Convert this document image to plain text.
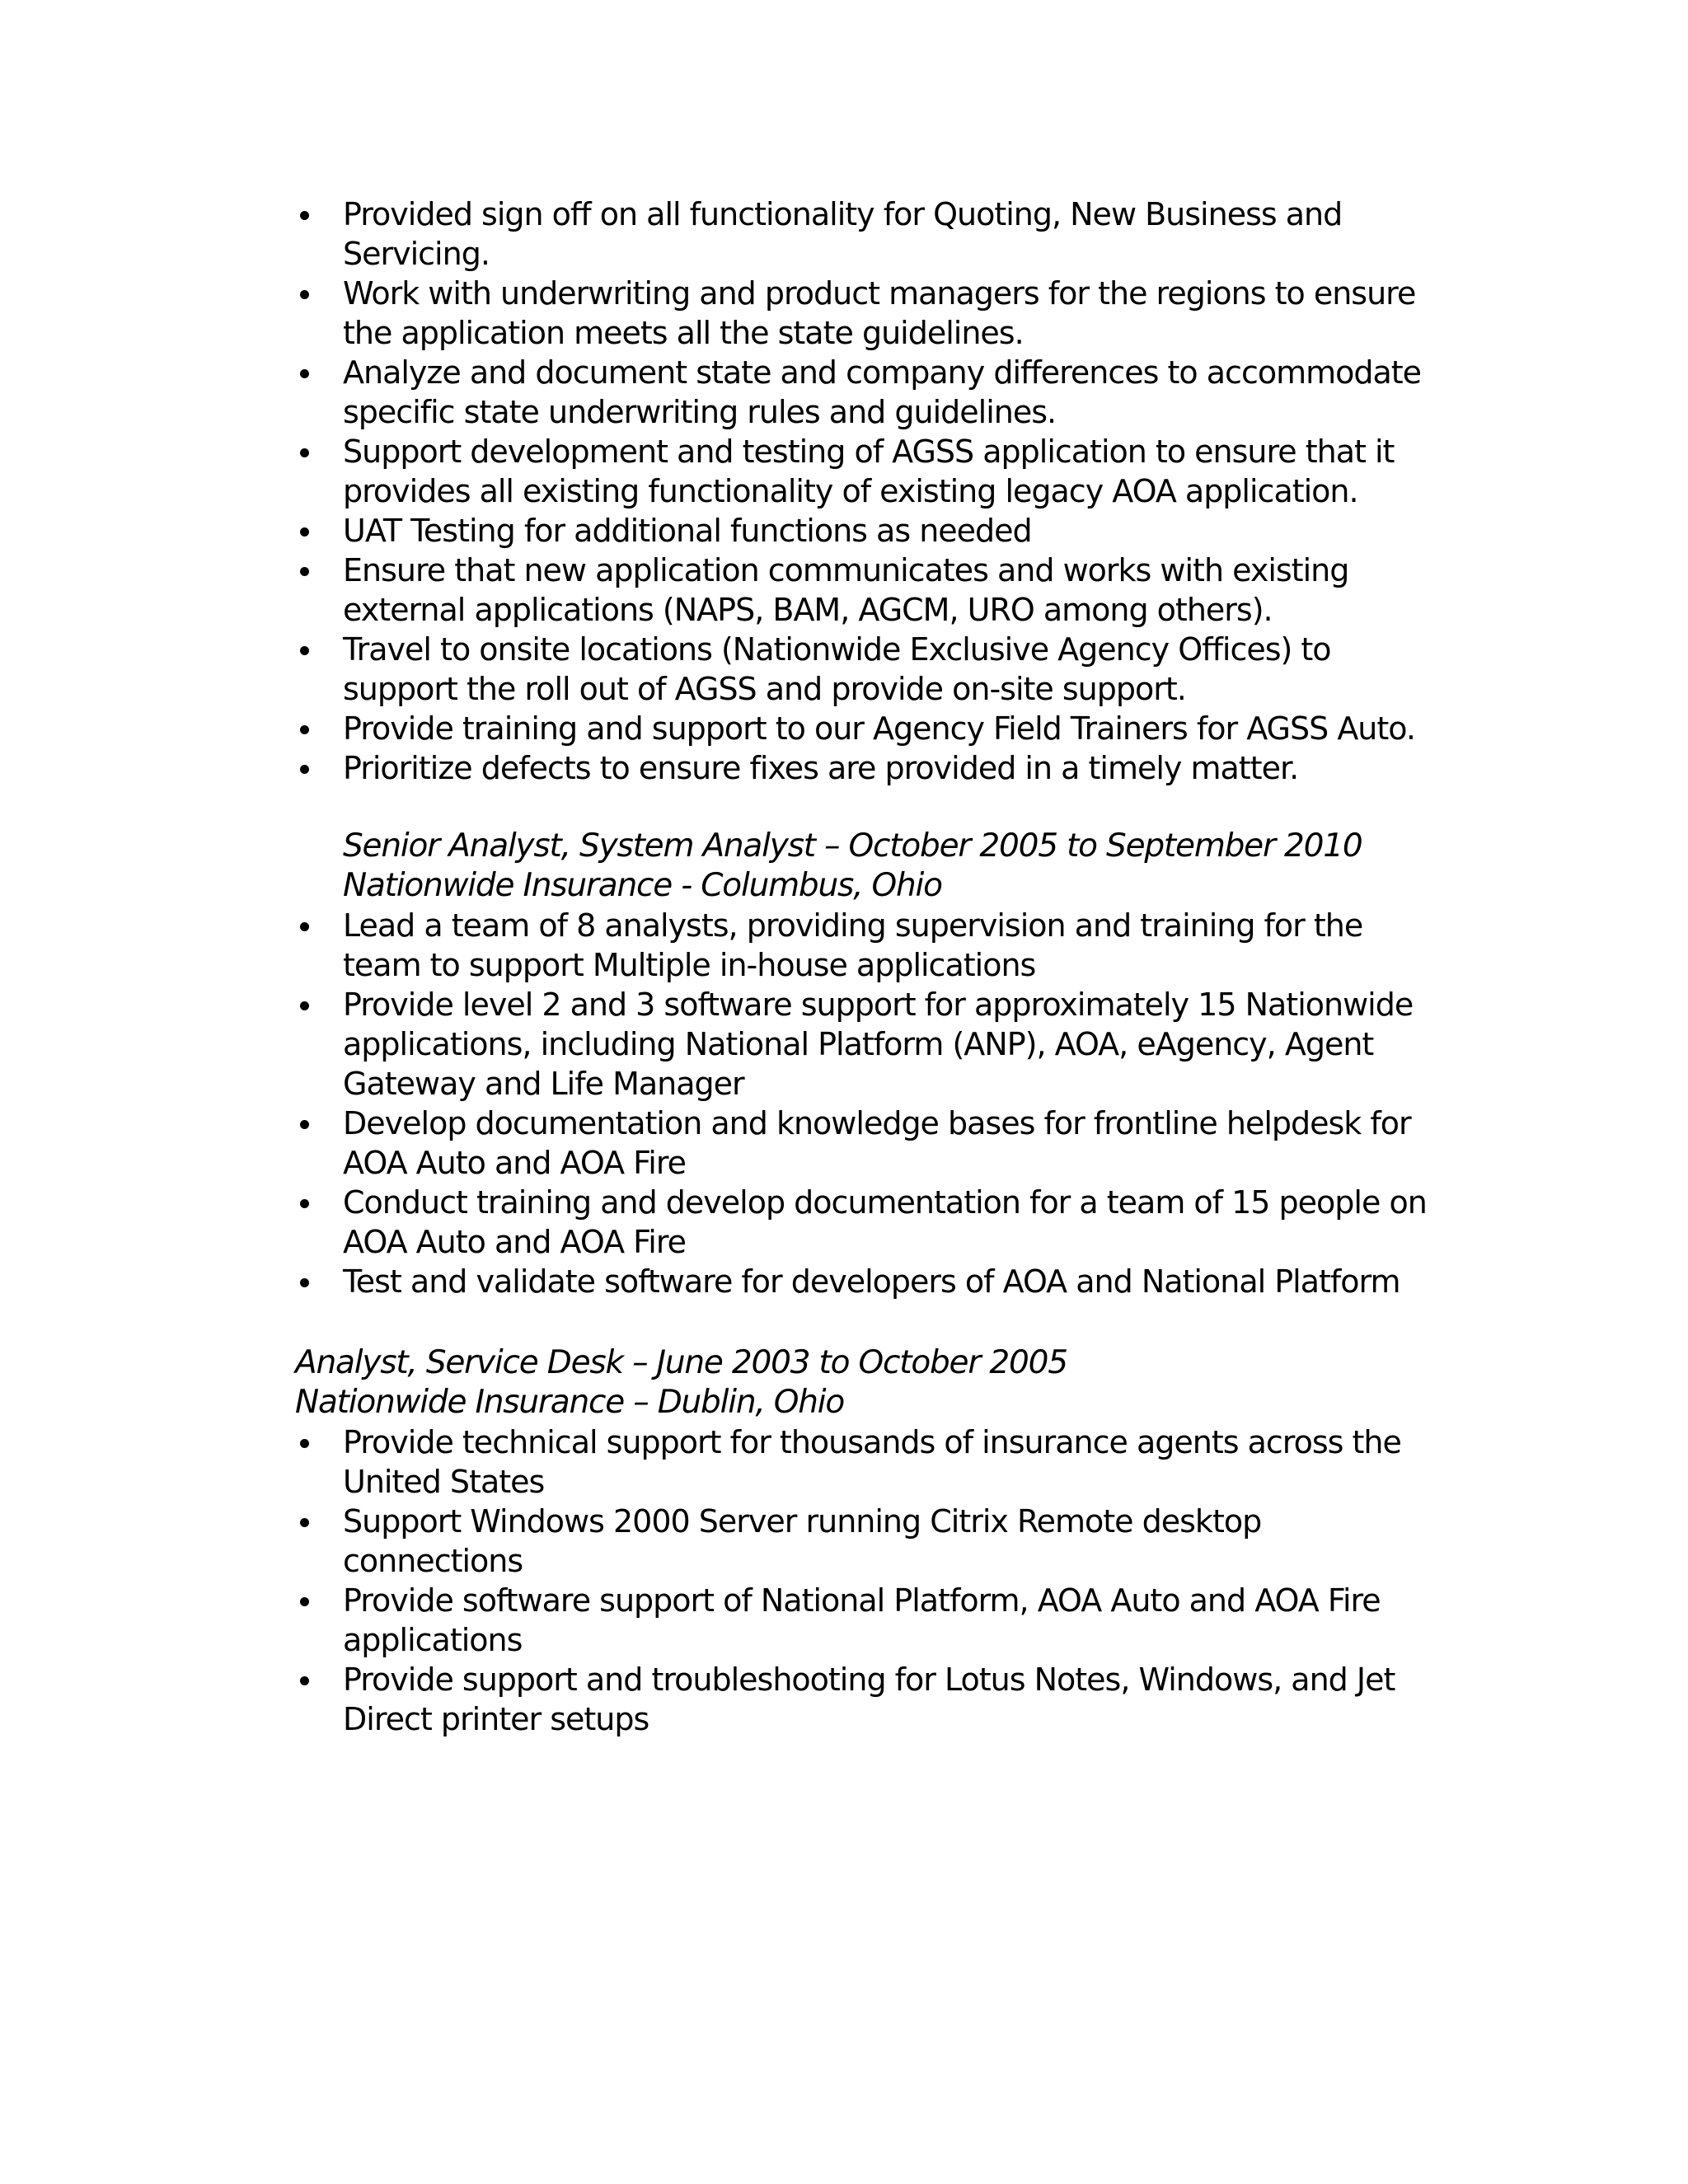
Provided sign off on all functionality for Quoting, New Business and Servicing.
Work with underwriting and product managers for the regions to ensure the application meets all the state guidelines.
Analyze and document state and company differences to accommodate specific state underwriting rules and guidelines.
Support development and testing of AGSS application to ensure that it provides all existing functionality of existing legacy AOA application.
UAT Testing for additional functions as needed
Ensure that new application communicates and works with existing external applications (NAPS, BAM, AGCM, URO among others).
Travel to onsite locations (Nationwide Exclusive Agency Offices) to support the roll out of AGSS and provide on-site support.
Provide training and support to our Agency Field Trainers for AGSS Auto.
Prioritize defects to ensure fixes are provided in a timely matter.
Senior Analyst, System Analyst – October 2005 to September 2010
Nationwide Insurance - Columbus, Ohio
Lead a team of 8 analysts, providing supervision and training for the team to support Multiple in-house applications
Provide level 2 and 3 software support for approximately 15 Nationwide applications, including National Platform (ANP), AOA, eAgency, Agent Gateway and Life Manager
Develop documentation and knowledge bases for frontline helpdesk for AOA Auto and AOA Fire
Conduct training and develop documentation for a team of 15 people on AOA Auto and AOA Fire
Test and validate software for developers of AOA and National Platform
Analyst, Service Desk – June 2003 to October 2005
Nationwide Insurance – Dublin, Ohio
Provide technical support for thousands of insurance agents across the United States
Support Windows 2000 Server running Citrix Remote desktop connections
Provide software support of National Platform, AOA Auto and AOA Fire applications
Provide support and troubleshooting for Lotus Notes, Windows, and Jet Direct printer setups
